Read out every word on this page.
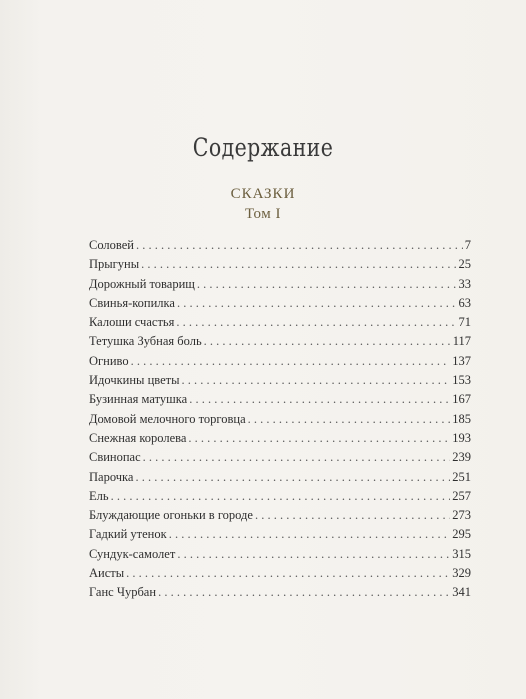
Содержание
СКАЗКИ
Том I
Соловей . . .	7
Прыгуны . . .	25
Дорожный товарищ . . .	33
Свинья-копилка . . .	63
Калоши счастья . . .	71
Тетушка Зубная боль . . .	117
Огниво . . .	137
Идочкины цветы . . .	153
Бузинная матушка . . .	167
Домовой мелочного торговца . . .	185
Снежная королева . . .	193
Свинопас . . .	239
Парочка . . .	251
Ель . . .	257
Блуждающие огоньки в городе . . .	273
Гадкий утенок . . .	295
Сундук-самолет . . .	315
Аисты . . .	329
Ганс Чурбан . . .	341
